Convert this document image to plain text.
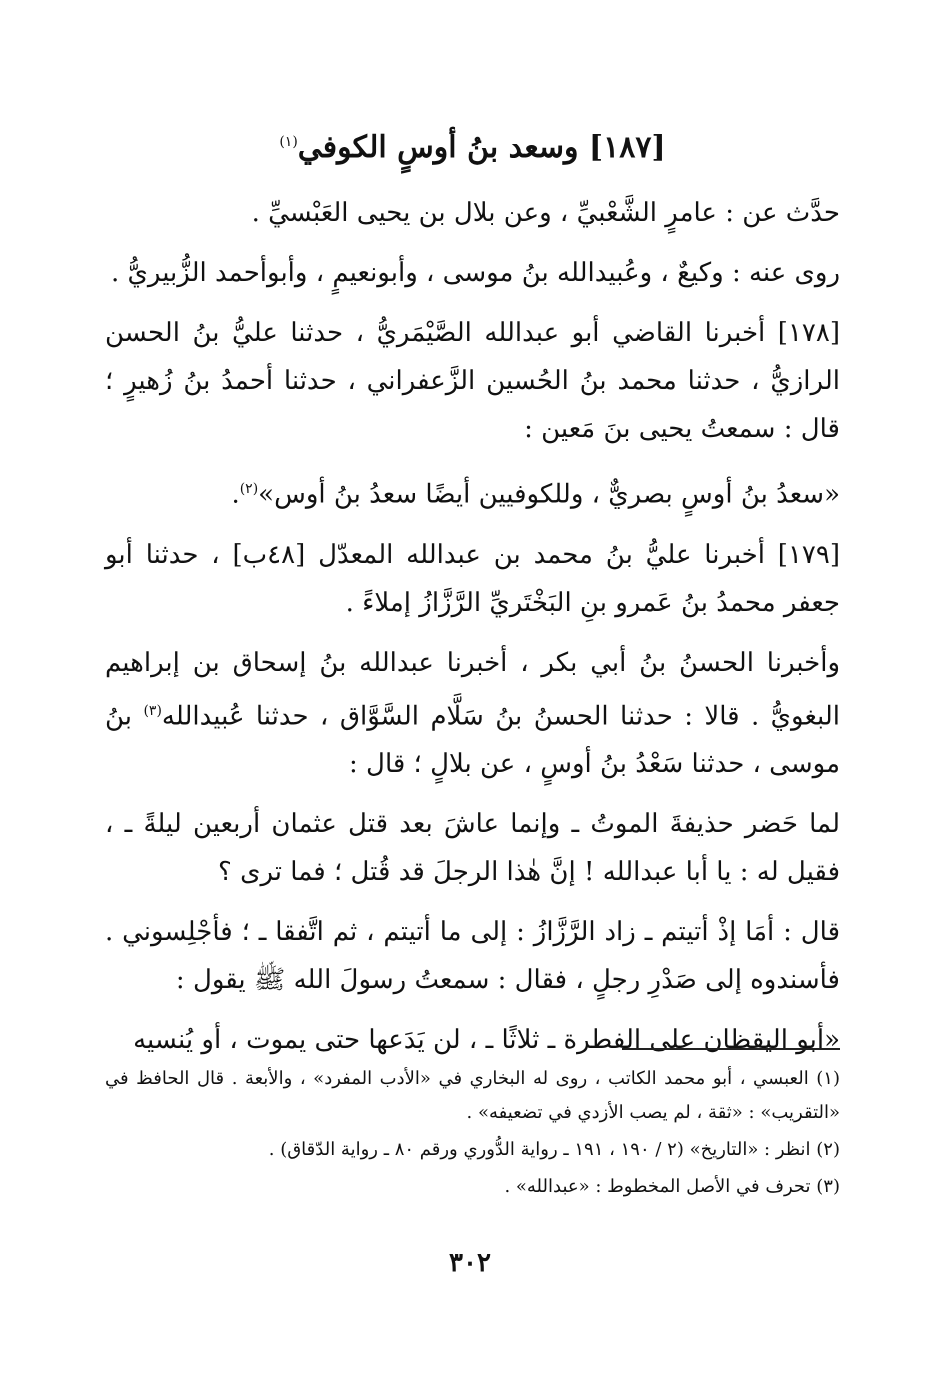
[١٨٧] وسعد بنُ أوسٍ الكوفي$^{(١)}$

حدَّث عن : عامرٍ الشَّعْبيِّ ، وعن بلال بن يحيى العَبْسيِّ .

روى عنه : وكيعٌ ، وعُبيدالله بنُ موسى ، وأبونعيمٍ ، وأبوأحمد الزُّبيريُّ .

[١٧٨] أخبرنا القاضي أبو عبدالله الصَّيْمَريُّ ، حدثنا عليُّ بنُ الحسن الرازيُّ ، حدثنا محمد بنُ الحُسين الزَّعفراني ، حدثنا أحمدُ بنُ زُهيرٍ ؛ قال : سمعتُ يحيى بنَ مَعين :

«سعدُ بنُ أوسٍ بصريٌّ ، وللكوفيين أيضًا سعدُ بنُ أوس»$^{(٢)}$.

[١٧٩] أخبرنا عليُّ بنُ محمد بن عبدالله المعدّل [٤٨ب] ، حدثنا أبو جعفر محمدُ بنُ عَمرو بنِ البَخْتَريِّ الرَّزَّازُ إملاءً .

وأخبرنا الحسنُ بنُ أبي بكر ، أخبرنا عبدالله بنُ إسحاق بن إبراهيم البغويُّ . قالا : حدثنا الحسنُ بنُ سَلَّام السَّوَّاق ، حدثنا عُبيدالله$^{(٣)}$ بنُ موسى ، حدثنا سَعْدُ بنُ أوسٍ ، عن بلالٍ ؛ قال :

لما حَضر حذيفةَ الموتُ ـ وإنما عاشَ بعد قتل عثمان أربعين ليلةً ـ ، فقيل له : يا أبا عبدالله ! إنَّ هٰذا الرجلَ قد قُتل ؛ فما ترى ؟

قال : أمَا إذْ أتيتم ـ زاد الرَّزَّازُ : إلى ما أتيتم ، ثم اتَّفقا ـ ؛ فأجْلِسوني . فأسندوه إلى صَدْرِ رجلٍ ، فقال : سمعتُ رسولَ الله ﷺ يقول :

«أبو اليقظان على الفطرة ـ ثلاثًا ـ ، لن يَدَعها حتى يموت ، أو يُنسيه

(١) العبسي ، أبو محمد الكاتب ، روى له البخاري في «الأدب المفرد» ، والأبعة . قال الحافظ في «التقريب» : «ثقة ، لم يصب الأزدي في تضعيفه» .

(٢) انظر : «التاريخ» (٢ / ١٩٠ ، ١٩١ ـ رواية الدُّوري ورقم ٨٠ ـ رواية الدّقاق) .

(٣) تحرف في الأصل المخطوط : «عبدالله» .

٣٠٢
